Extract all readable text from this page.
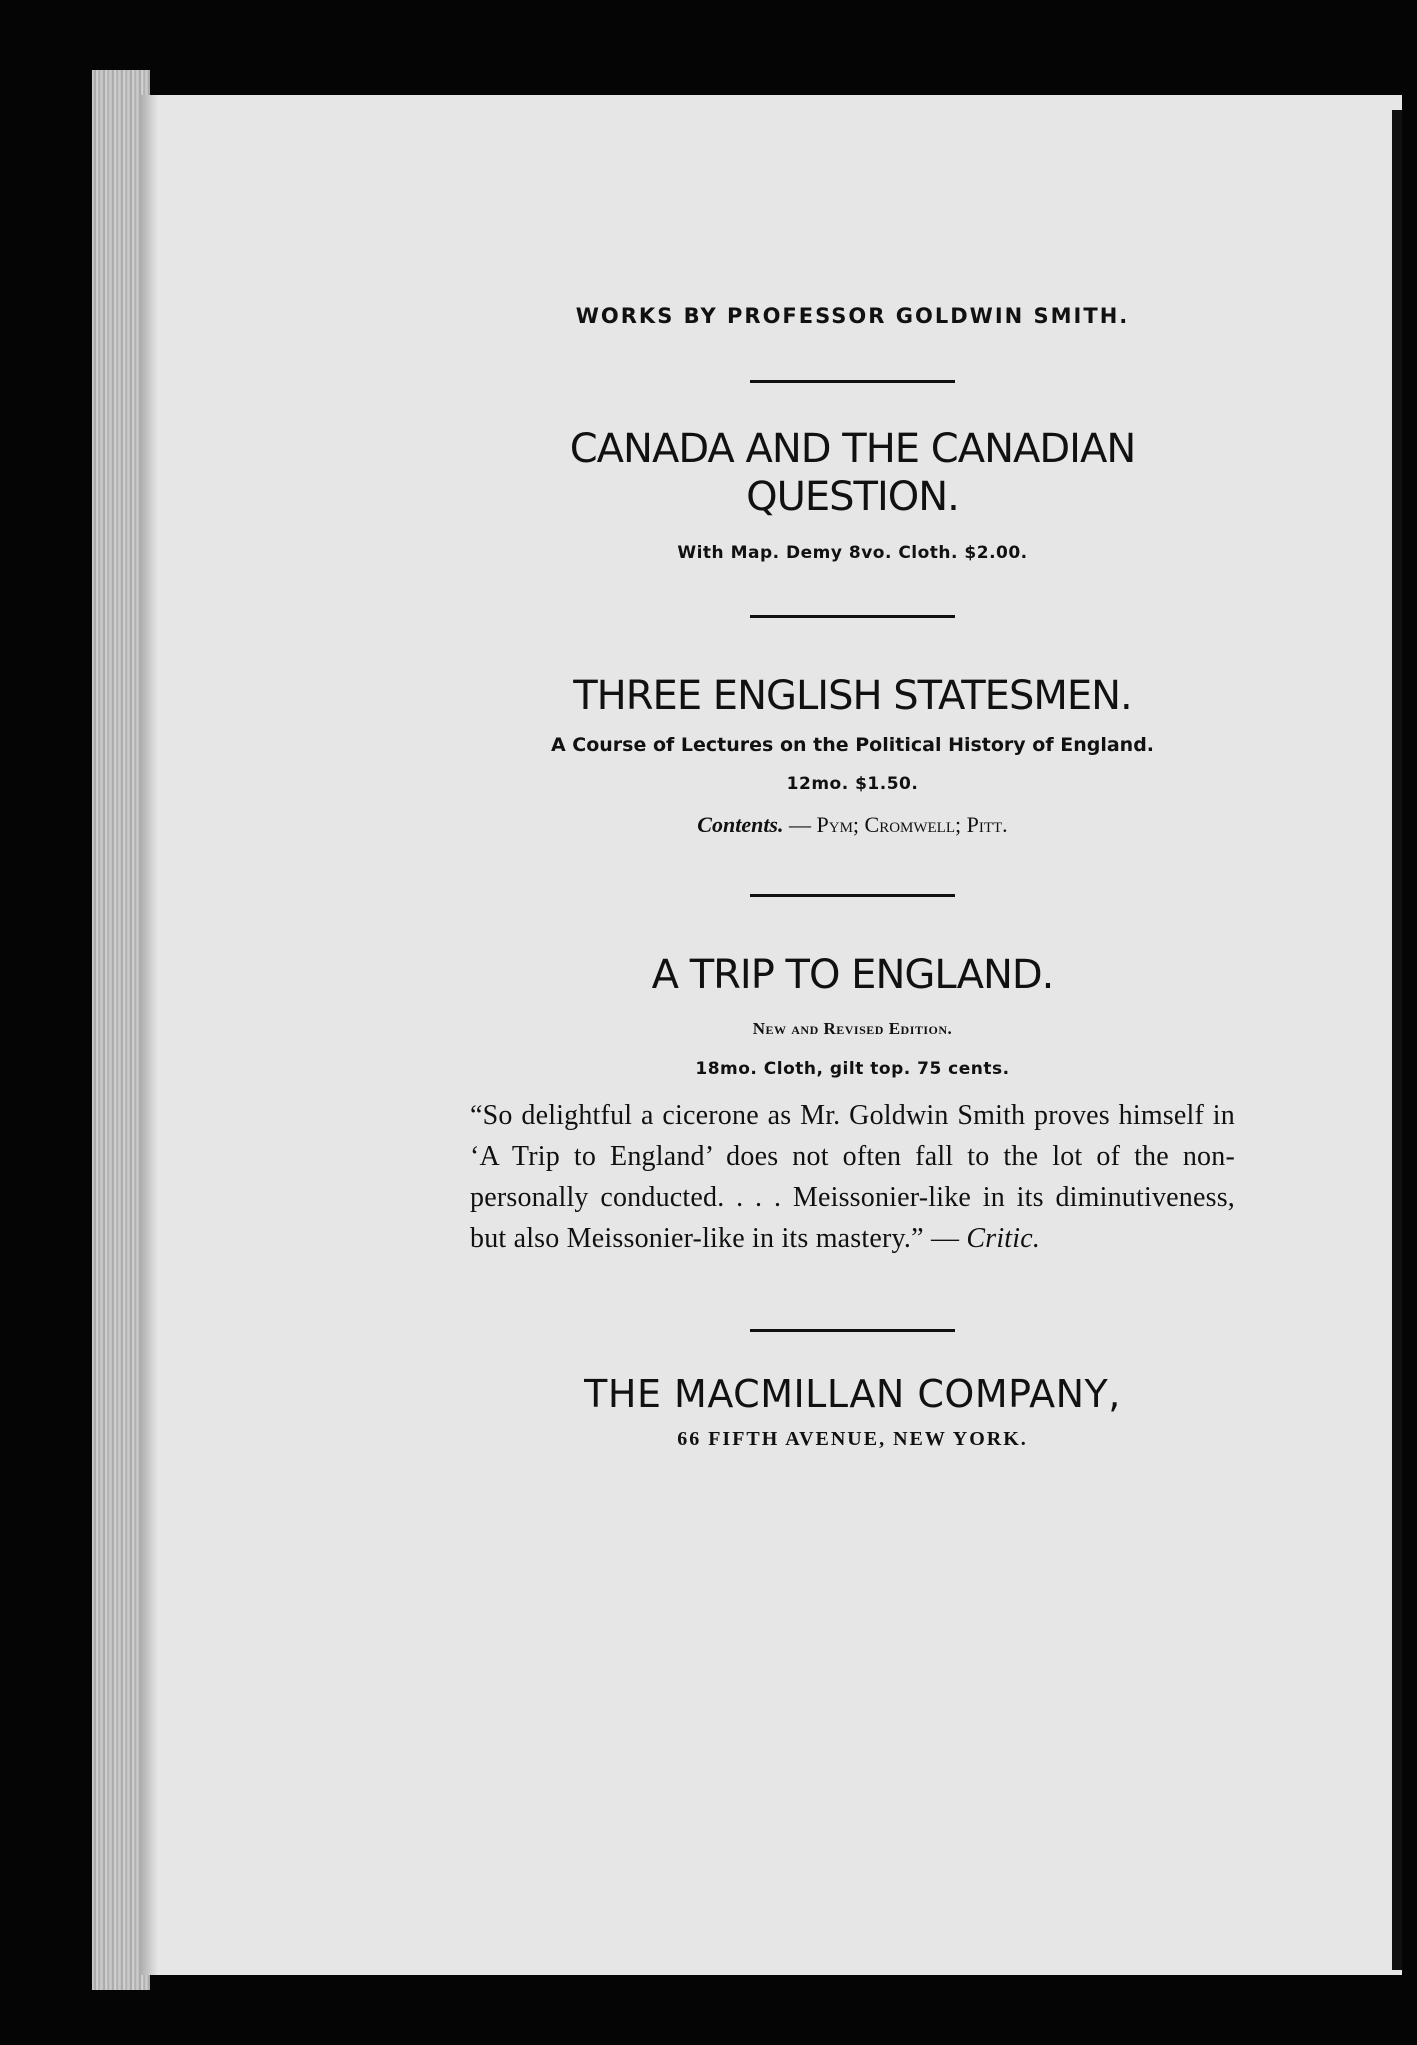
WORKS BY PROFESSOR GOLDWIN SMITH.
CANADA AND THE CANADIAN
QUESTION.
With Map. Demy 8vo. Cloth. $2.00.
THREE ENGLISH STATESMEN.
A Course of Lectures on the Political History of England.
12mo. $1.50.
Contents. — Pym; Cromwell; Pitt.
A TRIP TO ENGLAND.
New and Revised Edition.
18mo. Cloth, gilt top. 75 cents.
“So delightful a cicerone as Mr. Goldwin Smith proves himself in ‘A Trip to England’ does not often fall to the lot of the non-personally conducted. . . . Meissonier-like in its diminutiveness, but also Meissonier-like in its mastery.” — Critic.
THE MACMILLAN COMPANY,
66 FIFTH AVENUE, NEW YORK.
